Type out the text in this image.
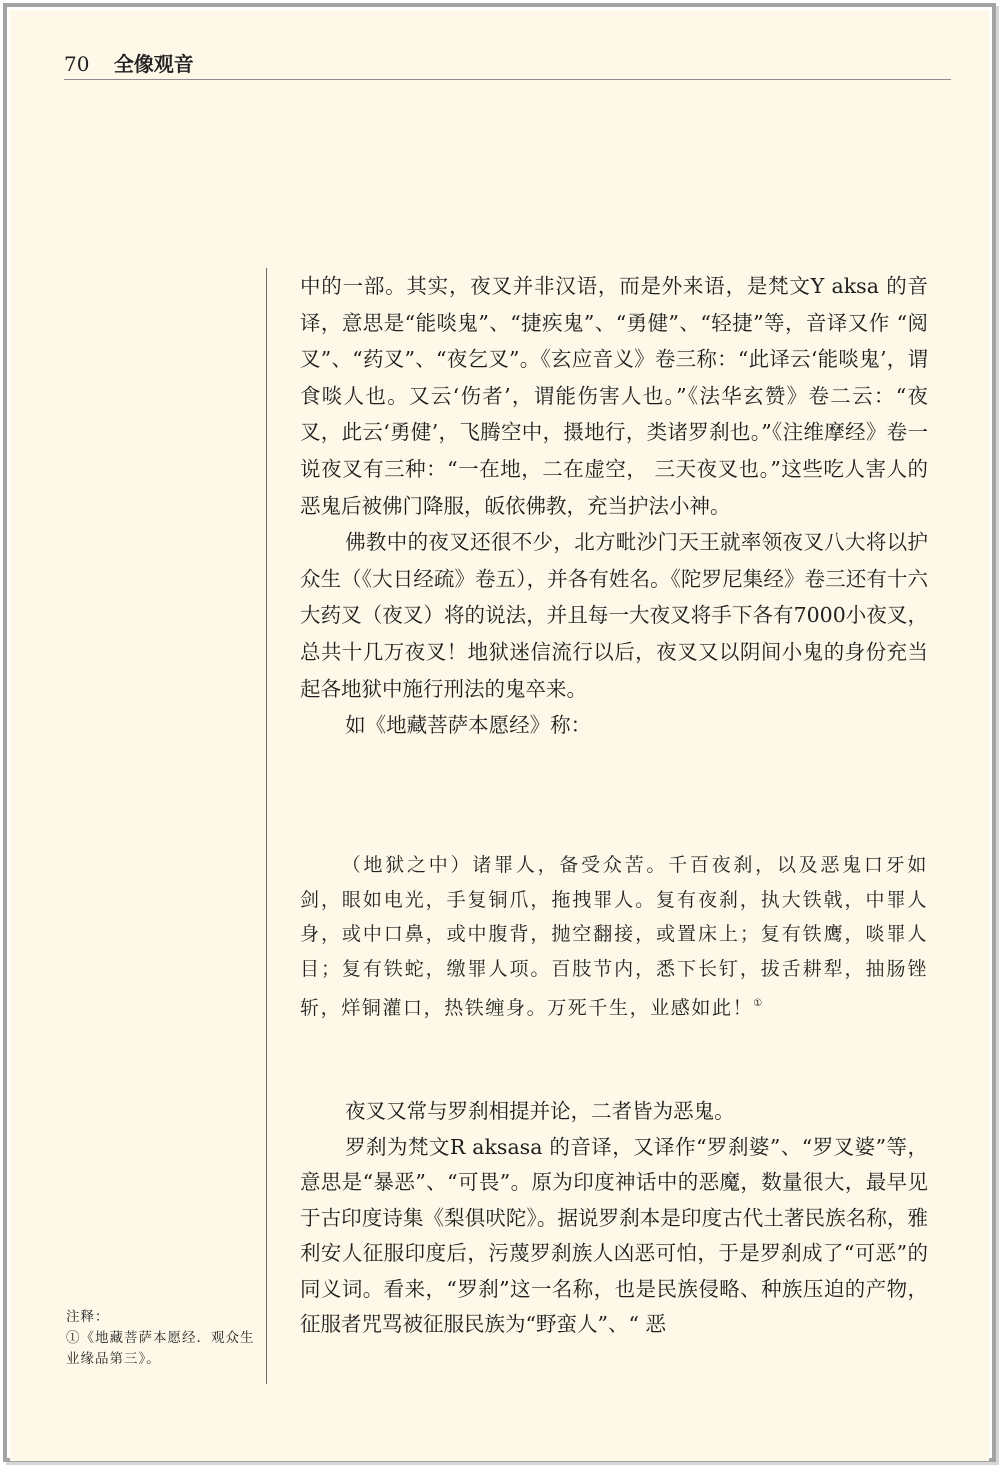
70 全像观音

中的一部。其实，夜叉并非汉语，而是外来语，是梵文Y aksa 的音译，意思是“能啖鬼”、“捷疾鬼”、“勇健”、“轻捷”等，音译又作 “阅叉”、“药叉”、“夜乞叉”。《玄应音义》卷三称：“此译云‘能啖鬼’，谓食啖人也。又云‘伤者’，谓能伤害人也。”《法华玄赞》卷二云：“夜叉，此云‘勇健’，飞腾空中，摄地行，类诸罗刹也。”《注维摩经》卷一说夜叉有三种：“一在地，二在虚空， 三天夜叉也。”这些吃人害人的恶鬼后被佛门降服，皈依佛教，充当护法小神。

佛教中的夜叉还很不少，北方毗沙门天王就率领夜叉八大将以护众生（《大日经疏》卷五），并各有姓名。《陀罗尼集经》卷三还有十六大药叉（夜叉）将的说法，并且每一大夜叉将手下各有7000小夜叉，总共十几万夜叉！地狱迷信流行以后，夜叉又以阴间小鬼的身份充当起各地狱中施行刑法的鬼卒来。

如《地藏菩萨本愿经》称：

（地狱之中）诸罪人，备受众苦。千百夜刹，以及恶鬼口牙如剑，眼如电光，手复铜爪，拖拽罪人。复有夜刹，执大铁戟，中罪人身，或中口鼻，或中腹背，抛空翻接，或置床上；复有铁鹰，啖罪人目；复有铁蛇，缴罪人项。百肢节内，悉下长钉，拔舌耕犁，抽肠锉斩，烊铜灌口，热铁缠身。万死千生，业感如此！①

夜叉又常与罗刹相提并论，二者皆为恶鬼。

罗刹为梵文R aksasa 的音译，又译作“罗刹婆”、“罗叉婆”等，意思是“暴恶”、“可畏”。原为印度神话中的恶魔，数量很大，最早见于古印度诗集《梨俱吠陀》。据说罗刹本是印度古代土著民族名称，雅利安人征服印度后，污蔑罗刹族人凶恶可怕，于是罗刹成了“可恶”的同义词。看来，“罗刹”这一名称，也是民族侵略、种族压迫的产物，征服者咒骂被征服民族为“野蛮人”、“ 恶

注释：

①《地藏菩萨本愿经．观众生业缘品第三》。
